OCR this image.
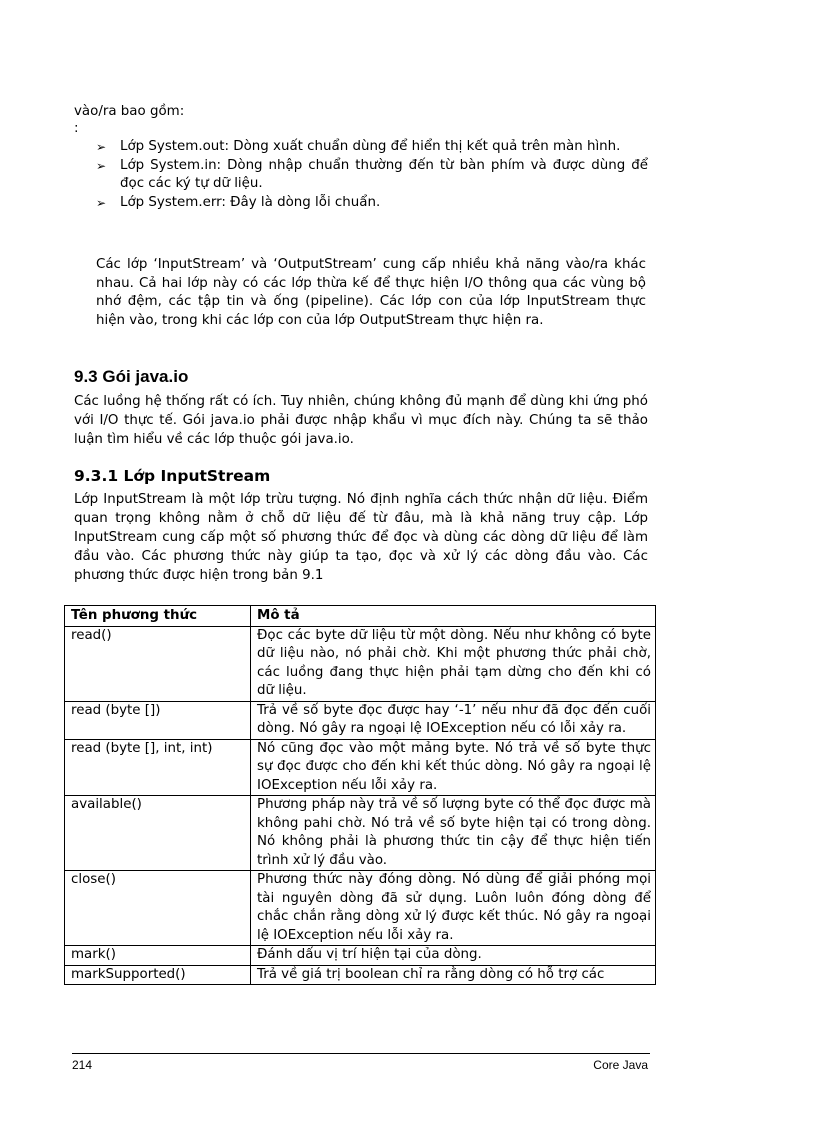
vào/ra bao gồm:
:
➢ Lớp System.out: Dòng xuất chuẩn dùng để hiển thị kết quả trên màn hình.
➢ Lớp System.in: Dòng nhập chuẩn thường đến từ bàn phím và được dùng để đọc các ký tự dữ liệu.
➢ Lớp System.err: Đây là dòng lỗi chuẩn.

Các lớp ‘InputStream’ và ‘OutputStream’ cung cấp nhiều khả năng vào/ra khác nhau. Cả hai lớp này có các lớp thừa kế để thực hiện I/O thông qua các vùng bộ nhớ đệm, các tập tin và ống (pipeline). Các lớp con của lớp InputStream thực hiện vào, trong khi các lớp con của lớp OutputStream thực hiện ra.

9.3 Gói java.io

Các luồng hệ thống rất có ích. Tuy nhiên, chúng không đủ mạnh để dùng khi ứng phó với I/O thực tế. Gói java.io phải được nhập khẩu vì mục đích này. Chúng ta sẽ thảo luận tìm hiểu về các lớp thuộc gói java.io.

9.3.1 Lớp InputStream

Lớp InputStream là một lớp trừu tượng. Nó định nghĩa cách thức nhận dữ liệu. Điểm quan trọng không nằm ở chỗ dữ liệu đế từ đâu, mà là khả năng truy cập. Lớp InputStream cung cấp một số phương thức để đọc và dùng các dòng dữ liệu để làm đầu vào. Các phương thức này giúp ta tạo, đọc và xử lý các dòng đầu vào. Các phương thức được hiện trong bản 9.1

Tên phương thức	Mô tả
read()	Đọc các byte dữ liệu từ một dòng. Nếu như không có byte dữ liệu nào, nó phải chờ. Khi một phương thức phải chờ, các luồng đang thực hiện phải tạm dừng cho đến khi có dữ liệu.
read (byte [])	Trả về số byte đọc được hay ‘-1’ nếu như đã đọc đến cuối dòng. Nó gây ra ngoại lệ IOException nếu có lỗi xảy ra.
read (byte [], int, int)	Nó cũng đọc vào một mảng byte. Nó trả về số byte thực sự đọc được cho đến khi kết thúc dòng. Nó gây ra ngoại lệ IOException nếu lỗi xảy ra.
available()	Phương pháp này trả về số lượng byte có thể đọc được mà không pahi chờ. Nó trả về số byte hiện tại có trong dòng. Nó không phải là phương thức tin cậy để thực hiện tiến trình xử lý đầu vào.
close()	Phương thức này đóng dòng. Nó dùng để giải phóng mọi tài nguyên dòng đã sử dụng. Luôn luôn đóng dòng để chắc chắn rằng dòng xử lý được kết thúc. Nó gây ra ngoại lệ IOException nếu lỗi xảy ra.
mark()	Đánh dấu vị trí hiện tại của dòng.
markSupported()	Trả về giá trị boolean chỉ ra rằng dòng có hỗ trợ các
214	Core Java
